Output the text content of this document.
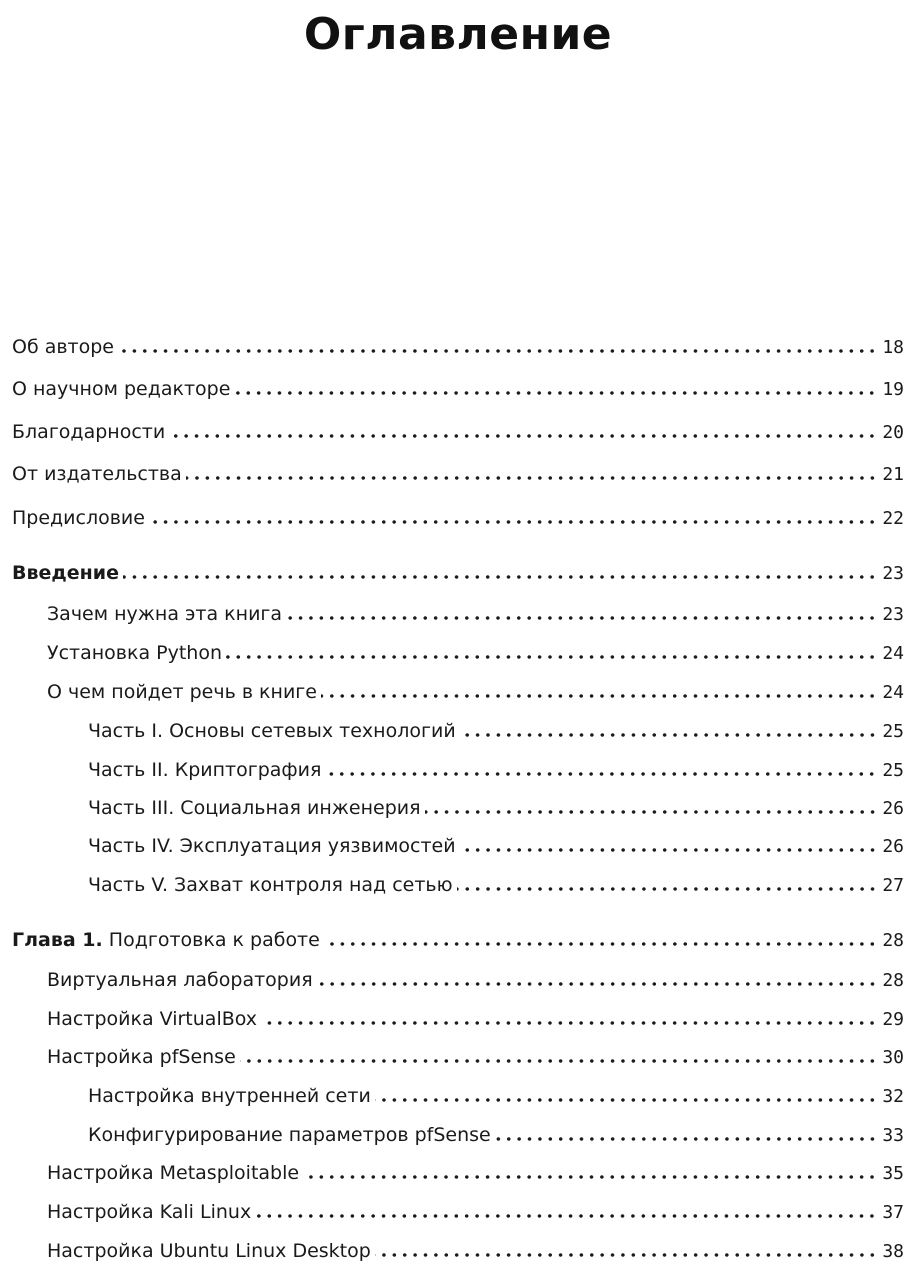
Оглавление
Об авторе	18
О научном редакторе	19
Благодарности	20
От издательства	21
Предисловие	22
Введение	23
Зачем нужна эта книга	23
Установка Python	24
О чем пойдет речь в книге	24
Часть I. Основы сетевых технологий	25
Часть II. Криптография	25
Часть III. Социальная инженерия	26
Часть IV. Эксплуатация уязвимостей	26
Часть V. Захват контроля над сетью	27
Глава 1. Подготовка к работе	28
Виртуальная лаборатория	28
Настройка VirtualBox	29
Настройка pfSense	30
Настройка внутренней сети	32
Конфигурирование параметров pfSense	33
Настройка Metasploitable	35
Настройка Kali Linux	37
Настройка Ubuntu Linux Desktop	38
